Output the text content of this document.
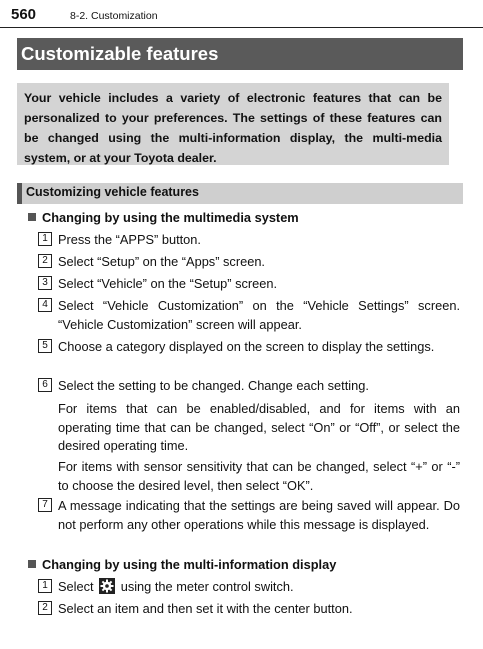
560	8-2. Customization
Customizable features
Your vehicle includes a variety of electronic features that can be personalized to your preferences. The settings of these features can be changed using the multi-information display, the multi-media system, or at your Toyota dealer.
Customizing vehicle features
Changing by using the multimedia system
1 Press the “APPS” button.
2 Select “Setup” on the “Apps” screen.
3 Select “Vehicle” on the “Setup” screen.
4 Select “Vehicle Customization” on the “Vehicle Settings” screen. “Vehicle Customization” screen will appear.
5 Choose a category displayed on the screen to display the settings.
6 Select the setting to be changed. Change each setting.
For items that can be enabled/disabled, and for items with an operating time that can be changed, select “On” or “Off”, or select the desired operating time.
For items with sensor sensitivity that can be changed, select “+” or “-” to choose the desired level, then select “OK”.
7 A message indicating that the settings are being saved will appear. Do not perform any other operations while this message is displayed.
Changing by using the multi-information display
1 Select using the meter control switch.
2 Select an item and then set it with the center button.
